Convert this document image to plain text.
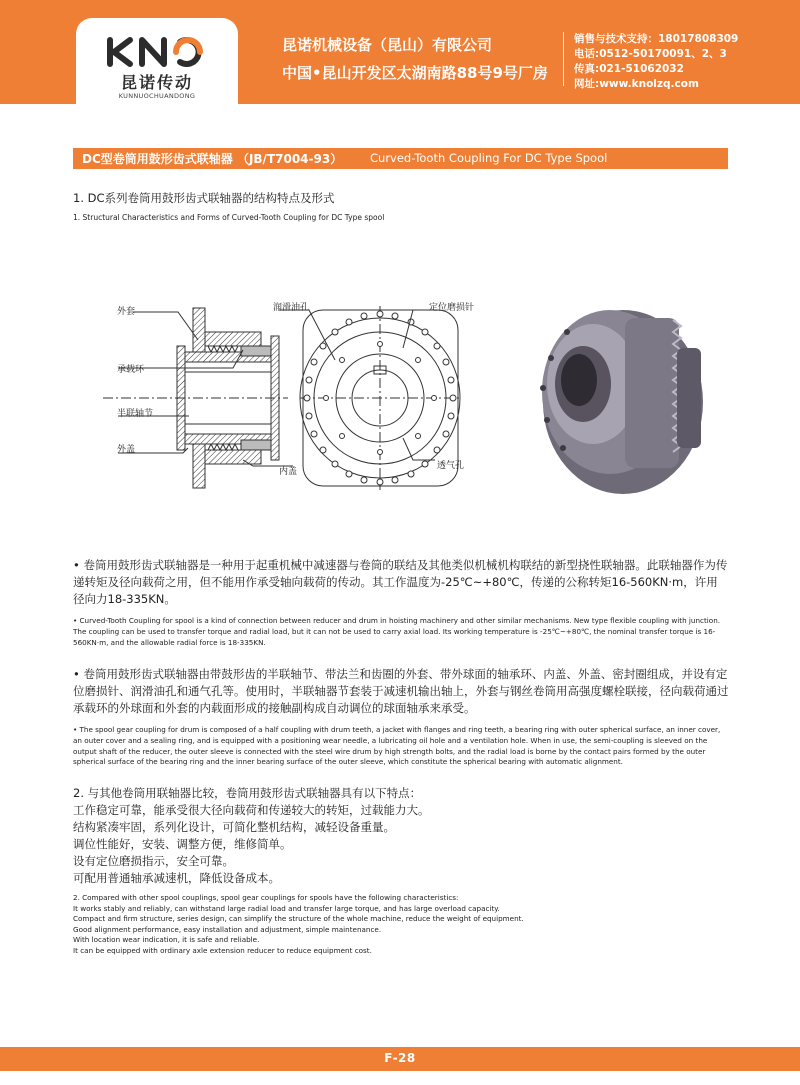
昆诺传动
KUNNUOCHUANDONG
昆诺机械设备（昆山）有限公司
中国•昆山开发区太湖南路88号9号厂房
销售与技术支持：18017808309
电话:0512-50170091、2、3
传真:021-51062032
网址:www.knolzq.com
DC型卷筒用鼓形齿式联轴器 （JB/T7004-93） Curved-Tooth Coupling For DC Type Spool
1. DC系列卷筒用鼓形齿式联轴器的结构特点及形式
1. Structural Characteristics and Forms of Curved-Tooth Coupling for DC Type spool
外套
承载环
半联轴节
外盖
内盖
润滑油孔	定位磨损针
透气孔
• 卷筒用鼓形齿式联轴器是一种用于起重机械中减速器与卷筒的联结及其他类似机械机构联结的新型挠性联轴器。此联轴器作为传递转矩及径向载荷之用，但不能用作承受轴向载荷的传动。其工作温度为-25℃~+80℃，传递的公称转矩16-560KN·m，许用径向力18-335KN。
• Curved-Tooth Coupling for spool is a kind of connection between reducer and drum in hoisting machinery and other similar mechanisms. New type flexible coupling with junction. The coupling can be used to transfer torque and radial load, but it can not be used to carry axial load. Its working temperature is -25℃~+80℃, the nominal transfer torque is 16-560KN·m, and the allowable radial force is 18-335KN.
• 卷筒用鼓形齿式联轴器由带鼓形齿的半联轴节、带法兰和齿圈的外套、带外球面的轴承环、内盖、外盖、密封圈组成，并设有定位磨损针、润滑油孔和通气孔等。使用时，半联轴器节套装于减速机输出轴上，外套与钢丝卷筒用高强度螺栓联接，径向载荷通过承载环的外球面和外套的内载面形成的接触副构成自动调位的球面轴承来承受。
• The spool gear coupling for drum is composed of a half coupling with drum teeth, a jacket with flanges and ring teeth, a bearing ring with outer spherical surface, an inner cover, an outer cover and a sealing ring, and is equipped with a positioning wear needle, a lubricating oil hole and a ventilation hole. When in use, the semi-coupling is sleeved on the output shaft of the reducer, the outer sleeve is connected with the steel wire drum by high strength bolts, and the radial load is borne by the contact pairs formed by the outer spherical surface of the bearing ring and the inner bearing surface of the outer sleeve, which constitute the spherical bearing with automatic alignment.
2. 与其他卷筒用联轴器比较，卷筒用鼓形齿式联轴器具有以下特点：
工作稳定可靠，能承受很大径向载荷和传递较大的转矩，过载能力大。
结构紧凑牢固，系列化设计，可简化整机结构，减轻设备重量。
调位性能好，安装、调整方便，维修简单。
设有定位磨损指示，安全可靠。
可配用普通轴承减速机，降低设备成本。
2. Compared with other spool couplings, spool gear couplings for spools have the following characteristics:
It works stably and reliably, can withstand large radial load and transfer large torque, and has large overload capacity.
Compact and firm structure, series design, can simplify the structure of the whole machine, reduce the weight of equipment.
Good alignment performance, easy installation and adjustment, simple maintenance.
With location wear indication, it is safe and reliable.
It can be equipped with ordinary axle extension reducer to reduce equipment cost.
F-28
